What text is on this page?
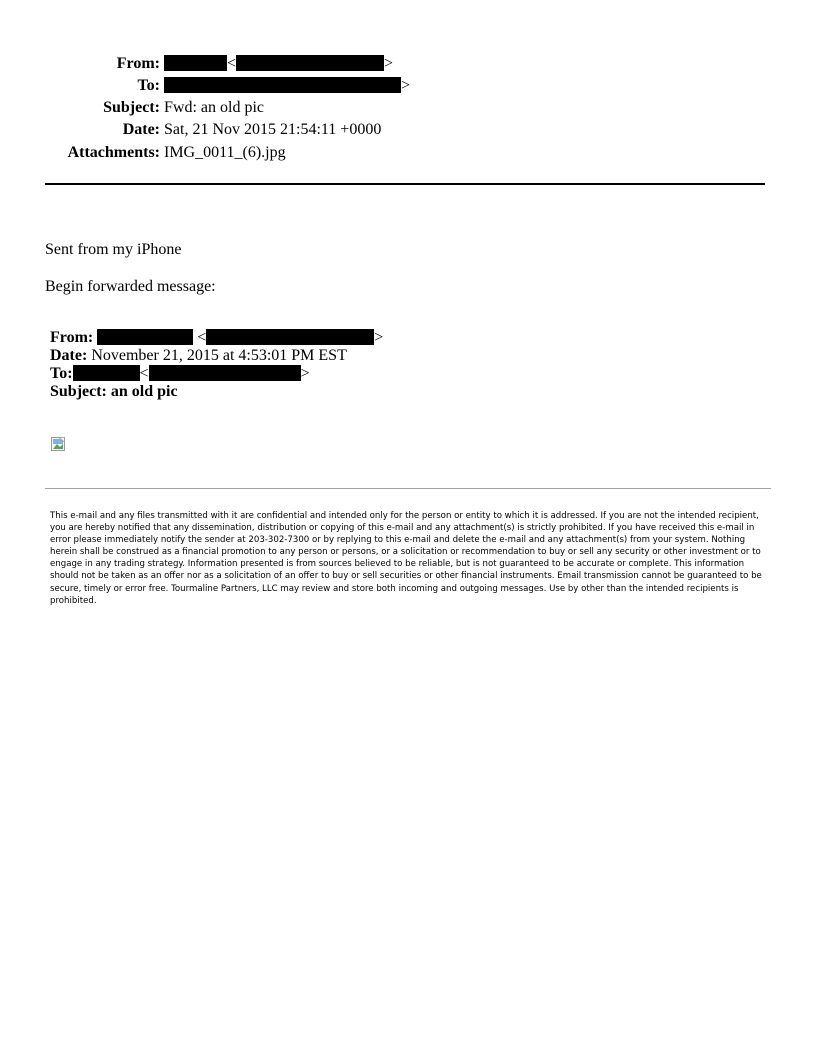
From:	<	>
To:	>
Subject: Fwd: an old pic
Date: Sat, 21 Nov 2015 21:54:11 +0000
Attachments: IMG_0011_(6).jpg
Sent from my iPhone
Begin forwarded message:
From:	<	>
Date: November 21, 2015 at 4:53:01 PM EST
To:	<	>
Subject: an old pic
This e-mail and any files transmitted with it are confidential and intended only for the person or entity to which it is addressed. If you are not the intended recipient, you are hereby notified that any dissemination, distribution or copying of this e-mail and any attachment(s) is strictly prohibited. If you have received this e-mail in error please immediately notify the sender at 203-302-7300 or by replying to this e-mail and delete the e-mail and any attachment(s) from your system. Nothing herein shall be construed as a financial promotion to any person or persons, or a solicitation or recommendation to buy or sell any security or other investment or to engage in any trading strategy. Information presented is from sources believed to be reliable, but is not guaranteed to be accurate or complete. This information should not be taken as an offer nor as a solicitation of an offer to buy or sell securities or other financial instruments. Email transmission cannot be guaranteed to be secure, timely or error free. Tourmaline Partners, LLC may review and store both incoming and outgoing messages. Use by other than the intended recipients is prohibited.
